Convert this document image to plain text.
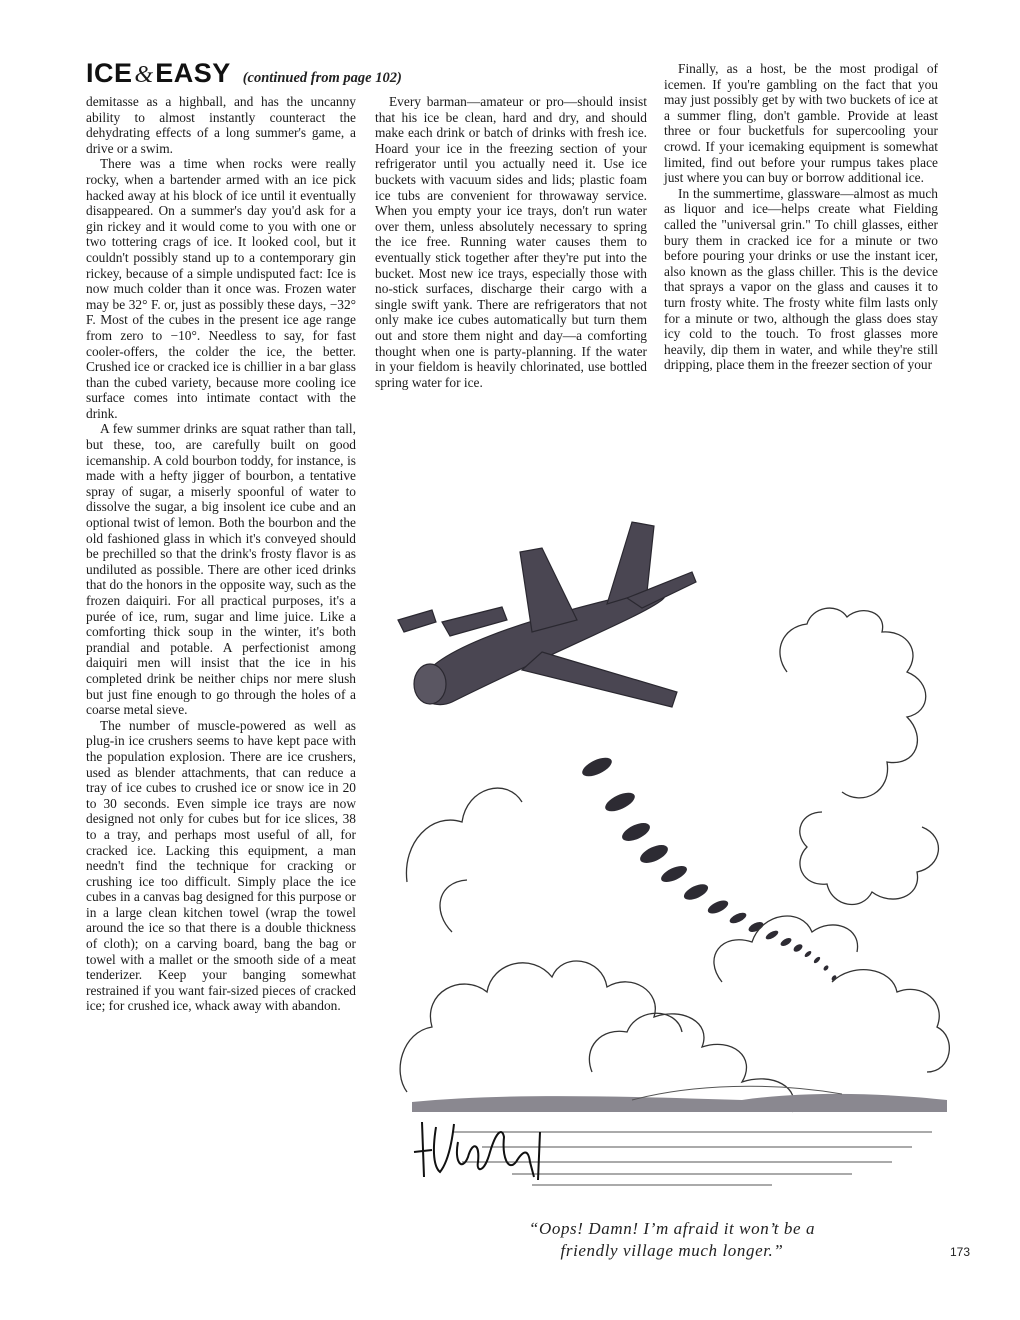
ICE&EASY (continued from page 102)

demitasse as a highball, and has the uncanny ability to almost instantly counteract the dehydrating effects of a long summer's game, a drive or a swim.

There was a time when rocks were really rocky, when a bartender armed with an ice pick hacked away at his block of ice until it eventually disappeared. On a summer's day you'd ask for a gin rickey and it would come to you with one or two tottering crags of ice. It looked cool, but it couldn't possibly stand up to a contemporary gin rickey, because of a simple undisputed fact: Ice is now much colder than it once was. Frozen water may be 32° F. or, just as possibly these days, −32° F. Most of the cubes in the present ice age range from zero to −10°. Needless to say, for fast cooler-offers, the colder the ice, the better. Crushed ice or cracked ice is chillier in a bar glass than the cubed variety, because more cooling ice surface comes into intimate contact with the drink.

A few summer drinks are squat rather than tall, but these, too, are carefully built on good icemanship. A cold bourbon toddy, for instance, is made with a hefty jigger of bourbon, a tentative spray of sugar, a miserly spoonful of water to dissolve the sugar, a big insolent ice cube and an optional twist of lemon. Both the bourbon and the old fashioned glass in which it's conveyed should be prechilled so that the drink's frosty flavor is as undiluted as possible. There are other iced drinks that do the honors in the opposite way, such as the frozen daiquiri. For all practical purposes, it's a purée of ice, rum, sugar and lime juice. Like a comforting thick soup in the winter, it's both prandial and potable. A perfectionist among daiquiri men will insist that the ice in his completed drink be neither chips nor mere slush but just fine enough to go through the holes of a coarse metal sieve.

The number of muscle-powered as well as plug-in ice crushers seems to have kept pace with the population explosion. There are ice crushers, used as blender attachments, that can reduce a tray of ice cubes to crushed ice or snow ice in 20 to 30 seconds. Even simple ice trays are now designed not only for cubes but for ice slices, 38 to a tray, and perhaps most useful of all, for cracked ice. Lacking this equipment, a man needn't find the technique for cracking or crushing ice too difficult. Simply place the ice cubes in a canvas bag designed for this purpose or in a large clean kitchen towel (wrap the towel around the ice so that there is a double thickness of cloth); on a carving board, bang the bag or towel with a mallet or the smooth side of a meat tenderizer. Keep your banging somewhat restrained if you want fair-sized pieces of cracked ice; for crushed ice, whack away with abandon.

Every barman—amateur or pro—should insist that his ice be clean, hard and dry, and should make each drink or batch of drinks with fresh ice. Hoard your ice in the freezing section of your refrigerator until you actually need it. Use ice buckets with vacuum sides and lids; plastic foam ice tubs are convenient for throwaway service. When you empty your ice trays, don't run water over them, unless absolutely necessary to spring the ice free. Running water causes them to eventually stick together after they're put into the bucket. Most new ice trays, especially those with no-stick surfaces, discharge their cargo with a single swift yank. There are refrigerators that not only make ice cubes automatically but turn them out and store them night and day—a comforting thought when one is party-planning. If the water in your fieldom is heavily chlorinated, use bottled spring water for ice.

Finally, as a host, be the most prodigal of icemen. If you're gambling on the fact that you may just possibly get by with two buckets of ice at a summer fling, don't gamble. Provide at least three or four bucketfuls for supercooling your crowd. If your icemaking equipment is somewhat limited, find out before your rumpus takes place just where you can buy or borrow additional ice.

In the summertime, glassware—almost as much as liquor and ice—helps create what Fielding called the "universal grin." To chill glasses, either bury them in cracked ice for a minute or two before pouring your drinks or use the instant icer, also known as the glass chiller. This is the device that sprays a vapor on the glass and causes it to turn frosty white. The frosty white film lasts only for a minute or two, although the glass does stay icy cold to the touch. To frost glasses more heavily, dip them in water, and while they're still dripping, place them in the freezer section of your

“Oops! Damn! I’m afraid it won’t be a
friendly village much longer.”	173
